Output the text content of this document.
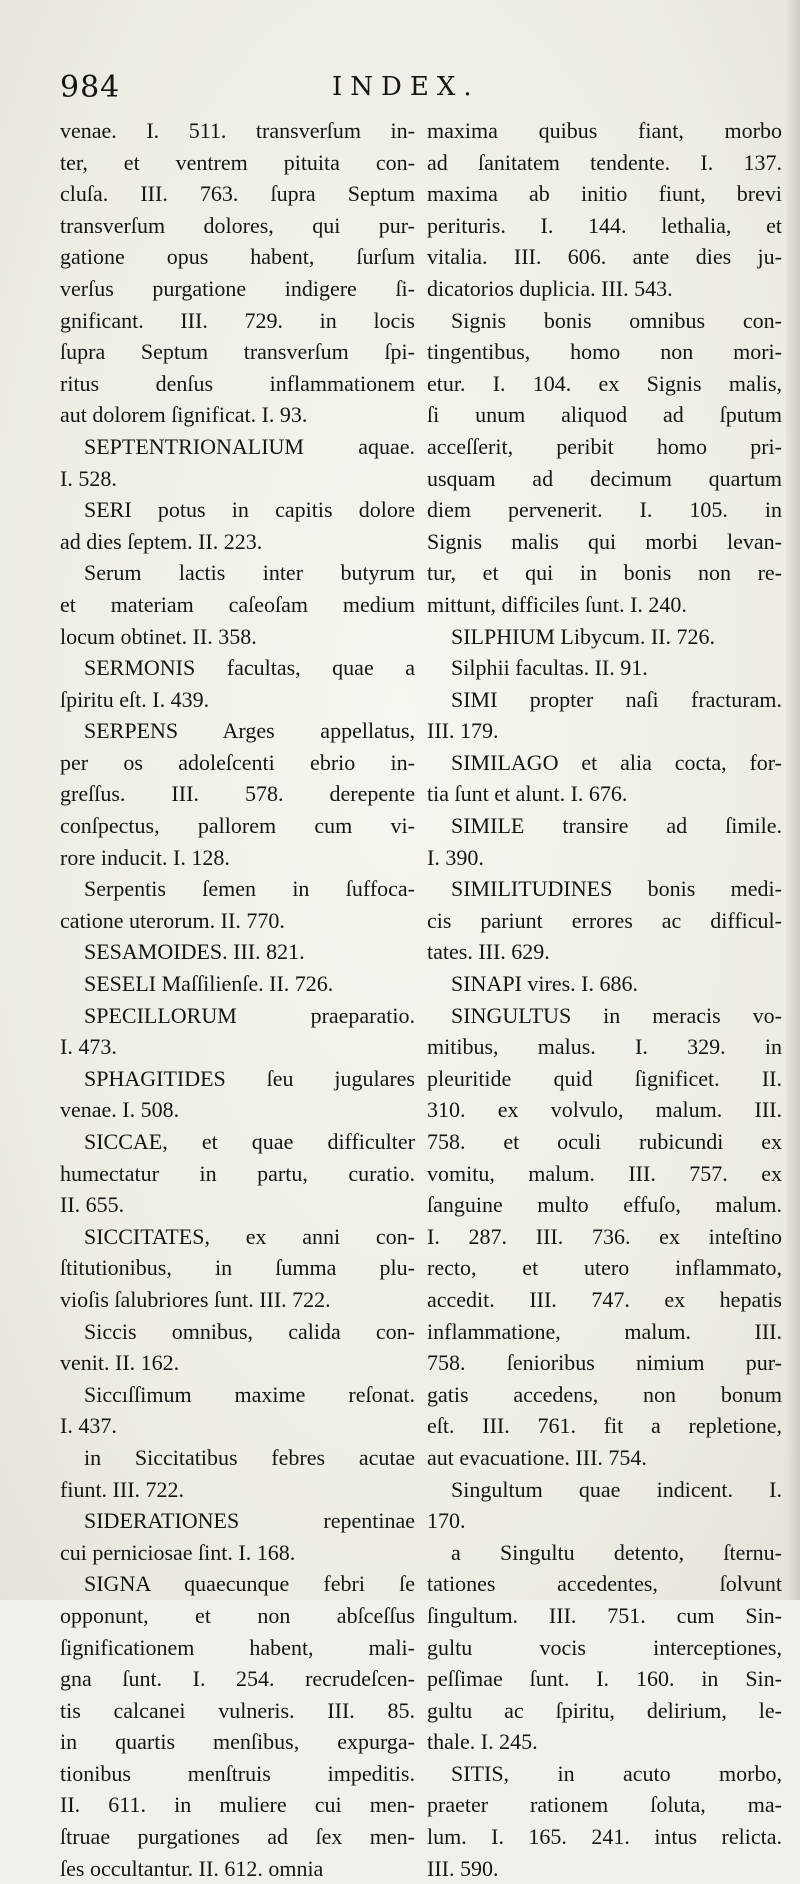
984	INDEX.
venae. I. 511. transverſum in-
ter, et ventrem pituita con-
cluſa. III. 763. ſupra Septum
transverſum dolores, qui pur-
gatione opus habent, ſurſum
verſus purgatione indigere ſi-
gnificant. III. 729. in locis
ſupra Septum transverſum ſpi-
ritus denſus inflammationem
aut dolorem ſignificat. I. 93.
SEPTENTRIONALIUM aquae.
I. 528.
SERI potus in capitis dolore
ad dies ſeptem. II. 223.
Serum lactis inter butyrum
et materiam caſeoſam medium
locum obtinet. II. 358.
SERMONIS facultas, quae a
ſpiritu eſt. I. 439.
SERPENS Arges appellatus,
per os adoleſcenti ebrio in-
greſſus. III. 578. derepente
conſpectus, pallorem cum vi-
rore inducit. I. 128.
Serpentis ſemen in ſuffoca-
catione uterorum. II. 770.
SESAMOIDES. III. 821.
SESELI Maſſilienſe. II. 726.
SPECILLORUM praeparatio.
I. 473.
SPHAGITIDES ſeu jugulares
venae. I. 508.
SICCAE, et quae difficulter
humectatur in partu, curatio.
II. 655.
SICCITATES, ex anni con-
ſtitutionibus, in ſumma plu-
vioſis ſalubriores ſunt. III. 722.
Siccis omnibus, calida con-
venit. II. 162.
Siccıſſimum maxime reſonat.
I. 437.
in Siccitatibus febres acutae
fiunt. III. 722.
SIDERATIONES repentinae
cui perniciosae ſint. I. 168.
SIGNA quaecunque febri ſe
opponunt, et non abſceſſus
ſignificationem habent, mali-
gna ſunt. I. 254. recrudeſcen-
tis calcanei vulneris. III. 85.
in quartis menſibus, expurga-
tionibus menſtruis impeditis.
II. 611. in muliere cui men-
ſtruae purgationes ad ſex men-
ſes occultantur. II. 612. omnia
maxima quibus fiant, morbo
ad ſanitatem tendente. I. 137.
maxima ab initio fiunt, brevi
perituris. I. 144. lethalia, et
vitalia. III. 606. ante dies ju-
dicatorios duplicia. III. 543.
Signis bonis omnibus con-
tingentibus, homo non mori-
etur. I. 104. ex Signis malis,
ſi unum aliquod ad ſputum
acceſſerit, peribit homo pri-
usquam ad decimum quartum
diem pervenerit. I. 105. in
Signis malis qui morbi levan-
tur, et qui in bonis non re-
mittunt, difficiles ſunt. I. 240.
SILPHIUM Libycum. II. 726.
Silphii facultas. II. 91.
SIMI propter naſi fracturam.
III. 179.
SIMILAGO et alia cocta, for-
tia ſunt et alunt. I. 676.
SIMILE transire ad ſimile.
I. 390.
SIMILITUDINES bonis medi-
cis pariunt errores ac difficul-
tates. III. 629.
SINAPI vires. I. 686.
SINGULTUS in meracis vo-
mitibus, malus. I. 329. in
pleuritide quid ſignificet. II.
310. ex volvulo, malum. III.
758. et oculi rubicundi ex
vomitu, malum. III. 757. ex
ſanguine multo effuſo, malum.
I. 287. III. 736. ex inteſtino
recto, et utero inflammato,
accedit. III. 747. ex hepatis
inflammatione, malum. III.
758. ſenioribus nimium pur-
gatis accedens, non bonum
eſt. III. 761. fit a repletione,
aut evacuatione. III. 754.
Singultum quae indicent. I.
170.
a Singultu detento, ſternu-
tationes accedentes, ſolvunt
ſingultum. III. 751. cum Sin-
gultu vocis interceptiones,
peſſimae ſunt. I. 160. in Sin-
gultu ac ſpiritu, delirium, le-
thale. I. 245.
SITIS, in acuto morbo,
praeter rationem ſoluta, ma-
lum. I. 165. 241. intus relicta.
III. 590.
